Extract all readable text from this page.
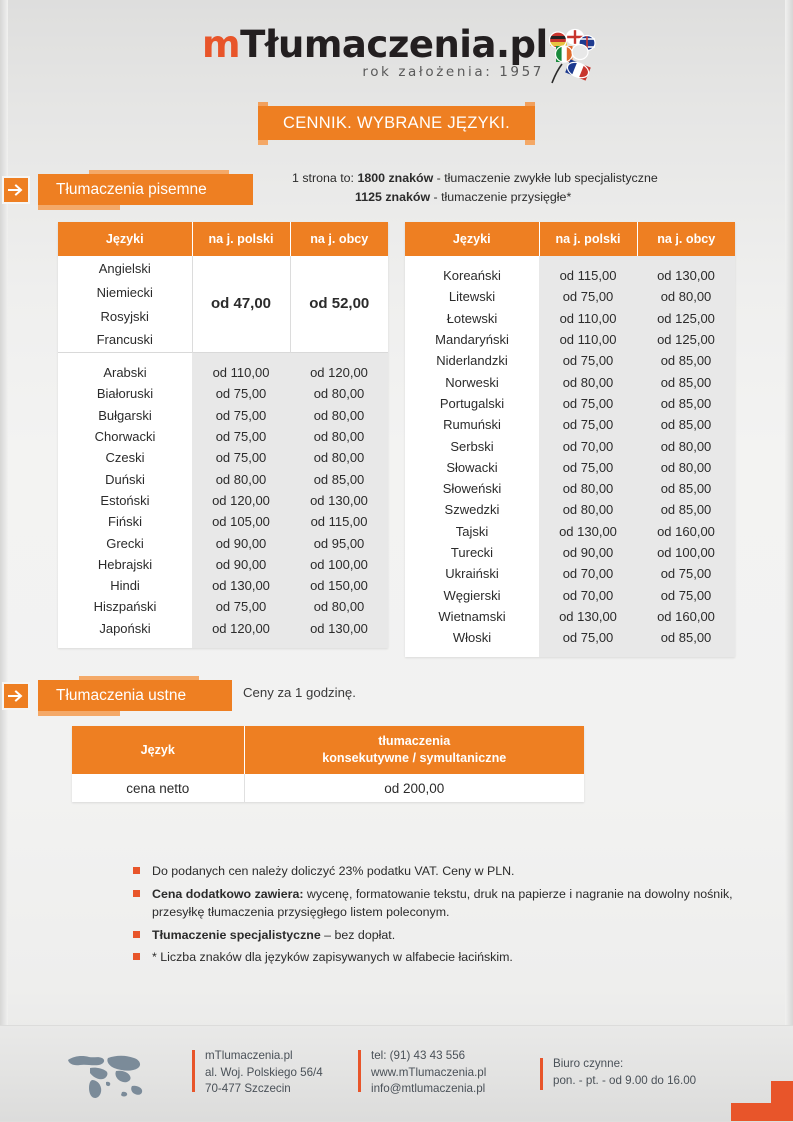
mTłumaczenia.pl
rok założenia: 1957
CENNIK. WYBRANE JĘZYKI.
Tłumaczenia pisemne
1 strona to: 1800 znaków - tłumaczenie zwykłe lub specjalistyczne
1125 znaków - tłumaczenie przysięgłe*
Języki	na j. polski	na j. obcy
Angielski	od 47,00	od 52,00
Niemiecki		
Rosyjski		
Francuski		

Arabski	od 110,00	od 120,00
Białoruski	od 75,00	od 80,00
Bułgarski	od 75,00	od 80,00
Chorwacki	od 75,00	od 80,00
Czeski	od 75,00	od 80,00
Duński	od 80,00	od 85,00
Estoński	od 120,00	od 130,00
Fiński	od 105,00	od 115,00
Grecki	od 90,00	od 95,00
Hebrajski	od 90,00	od 100,00
Hindi	od 130,00	od 150,00
Hiszpański	od 75,00	od 80,00
Japoński	od 120,00	od 130,00

Języki	na j. polski	na j. obcy

Koreański	od 115,00	od 130,00
Litewski	od 75,00	od 80,00
Łotewski	od 110,00	od 125,00
Mandaryński	od 110,00	od 125,00
Niderlandzki	od 75,00	od 85,00
Norweski	od 80,00	od 85,00
Portugalski	od 75,00	od 85,00
Rumuński	od 75,00	od 85,00
Serbski	od 70,00	od 80,00
Słowacki	od 75,00	od 80,00
Słoweński	od 80,00	od 85,00
Szwedzki	od 80,00	od 85,00
Tajski	od 130,00	od 160,00
Turecki	od 90,00	od 100,00
Ukraiński	od 70,00	od 75,00
Węgierski	od 70,00	od 75,00
Wietnamski	od 130,00	od 160,00
Włoski	od 75,00	od 85,00

Tłumaczenia ustne	Ceny za 1 godzinę.
Język	tłumaczenia
konsekutywne / symultaniczne

cena netto	od 200,00
Do podanych cen należy doliczyć 23% podatku VAT. Ceny w PLN.
Cena dodatkowo zawiera: wycenę, formatowanie tekstu, druk na papierze i nagranie na dowolny nośnik, przesyłkę tłumaczenia przysięgłego listem poleconym.
Tłumaczenie specjalistyczne – bez dopłat.
* Liczba znaków dla języków zapisywanych w alfabecie łacińskim.
mTlumaczenia.pl
al. Woj. Polskiego 56/4
70-477 Szczecin
tel: (91) 43 43 556
www.mTlumaczenia.pl
info@mtlumaczenia.pl
Biuro czynne:
pon. - pt. - od 9.00 do 16.00
